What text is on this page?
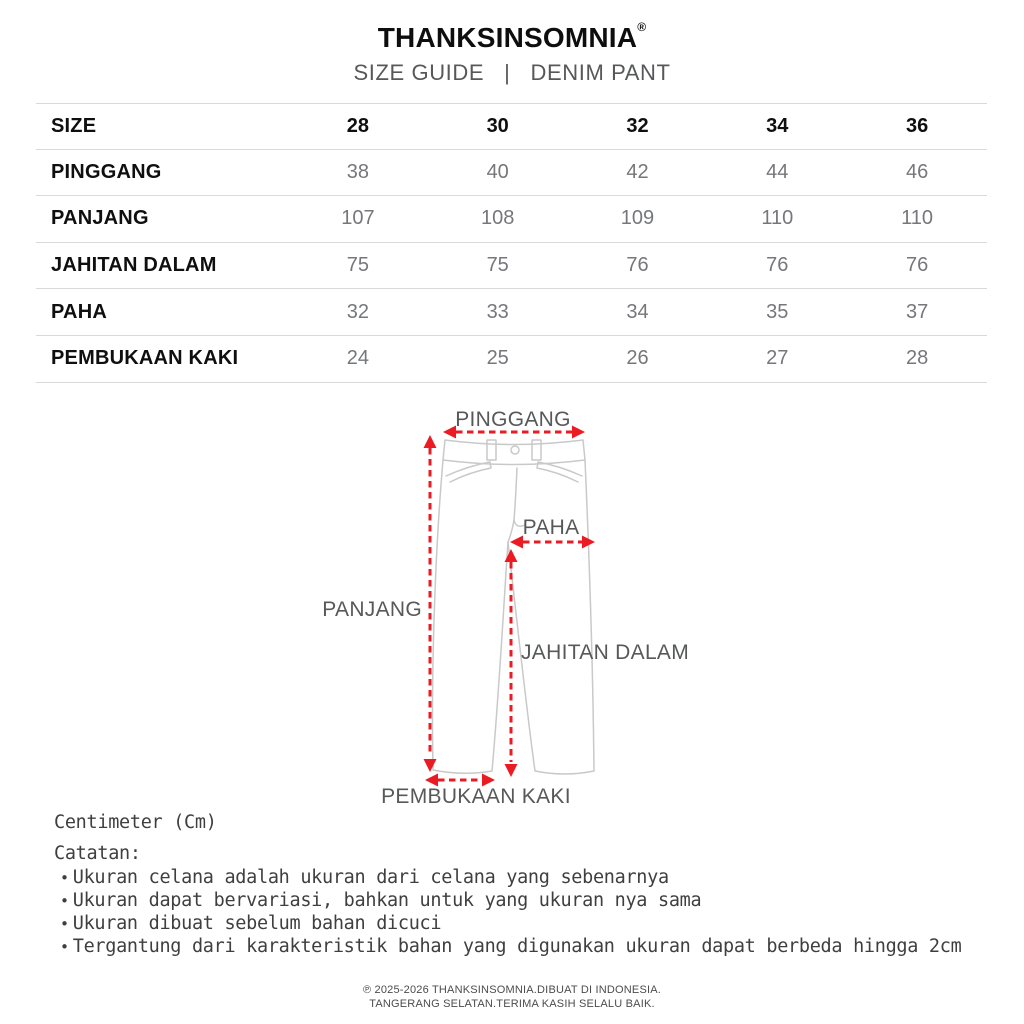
THANKSINSOMNIA®
SIZE GUIDE | DENIM PANT
SIZE	28	30	32	34	36
PINGGANG	38	40	42	44	46
PANJANG	107	108	109	110	110
JAHITAN DALAM	75	75	76	76	76
PAHA	32	33	34	35	37
PEMBUKAAN KAKI	24	25	26	27	28
PINGGANG
PANJANG
PAHA
JAHITAN DALAM
PEMBUKAAN KAKI
Centimeter (Cm)
Catatan:
• Ukuran celana adalah ukuran dari celana yang sebenarnya
• Ukuran dapat bervariasi, bahkan untuk yang ukuran nya sama
• Ukuran dibuat sebelum bahan dicuci
• Tergantung dari karakteristik bahan yang digunakan ukuran dapat berbeda hingga 2cm
℗ 2025-2026 THANKSINSOMNIA.DIBUAT DI INDONESIA.
TANGERANG SELATAN.TERIMA KASIH SELALU BAIK.
